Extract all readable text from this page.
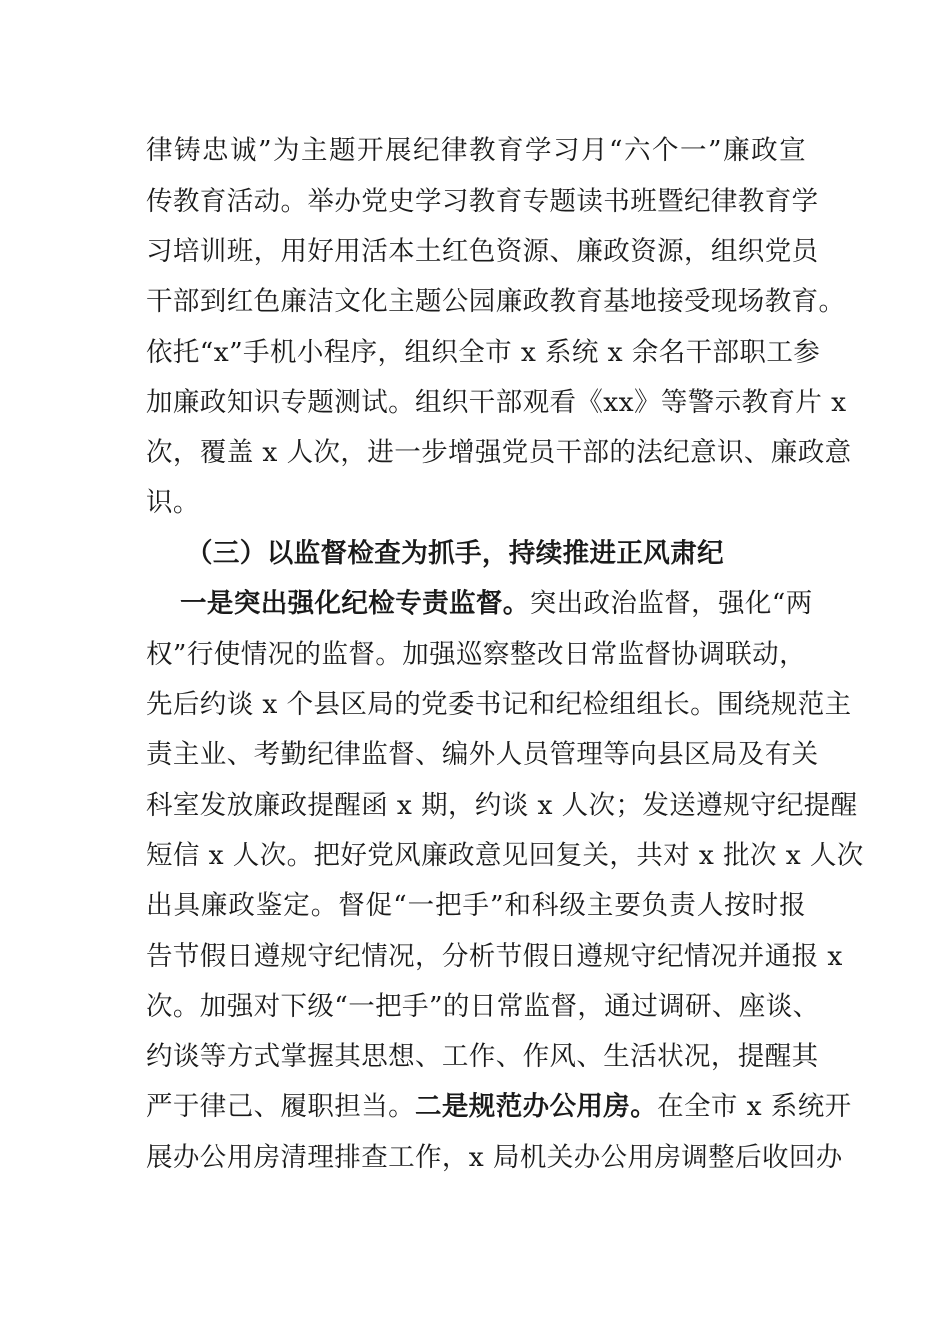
律铸忠诚”为主题开展纪律教育学习月“六个一”廉政宣
传教育活动。举办党史学习教育专题读书班暨纪律教育学
习培训班，用好用活本土红色资源、廉政资源，组织党员
干部到红色廉洁文化主题公园廉政教育基地接受现场教育。
依托“x”手机小程序，组织全市 x 系统 x 余名干部职工参
加廉政知识专题测试。组织干部观看《xx》等警示教育片 x
次，覆盖 x 人次，进一步增强党员干部的法纪意识、廉政意
识。
（三）以监督检查为抓手，持续推进正风肃纪
一是突出强化纪检专责监督。突出政治监督，强化“两
权”行使情况的监督。加强巡察整改日常监督协调联动，
先后约谈 x 个县区局的党委书记和纪检组组长。围绕规范主
责主业、考勤纪律监督、编外人员管理等向县区局及有关
科室发放廉政提醒函 x 期，约谈 x 人次；发送遵规守纪提醒
短信 x 人次。把好党风廉政意见回复关，共对 x 批次 x 人次
出具廉政鉴定。督促“一把手”和科级主要负责人按时报
告节假日遵规守纪情况，分析节假日遵规守纪情况并通报 x
次。加强对下级“一把手”的日常监督，通过调研、座谈、
约谈等方式掌握其思想、工作、作风、生活状况，提醒其
严于律己、履职担当。二是规范办公用房。在全市 x 系统开
展办公用房清理排查工作，x 局机关办公用房调整后收回办
